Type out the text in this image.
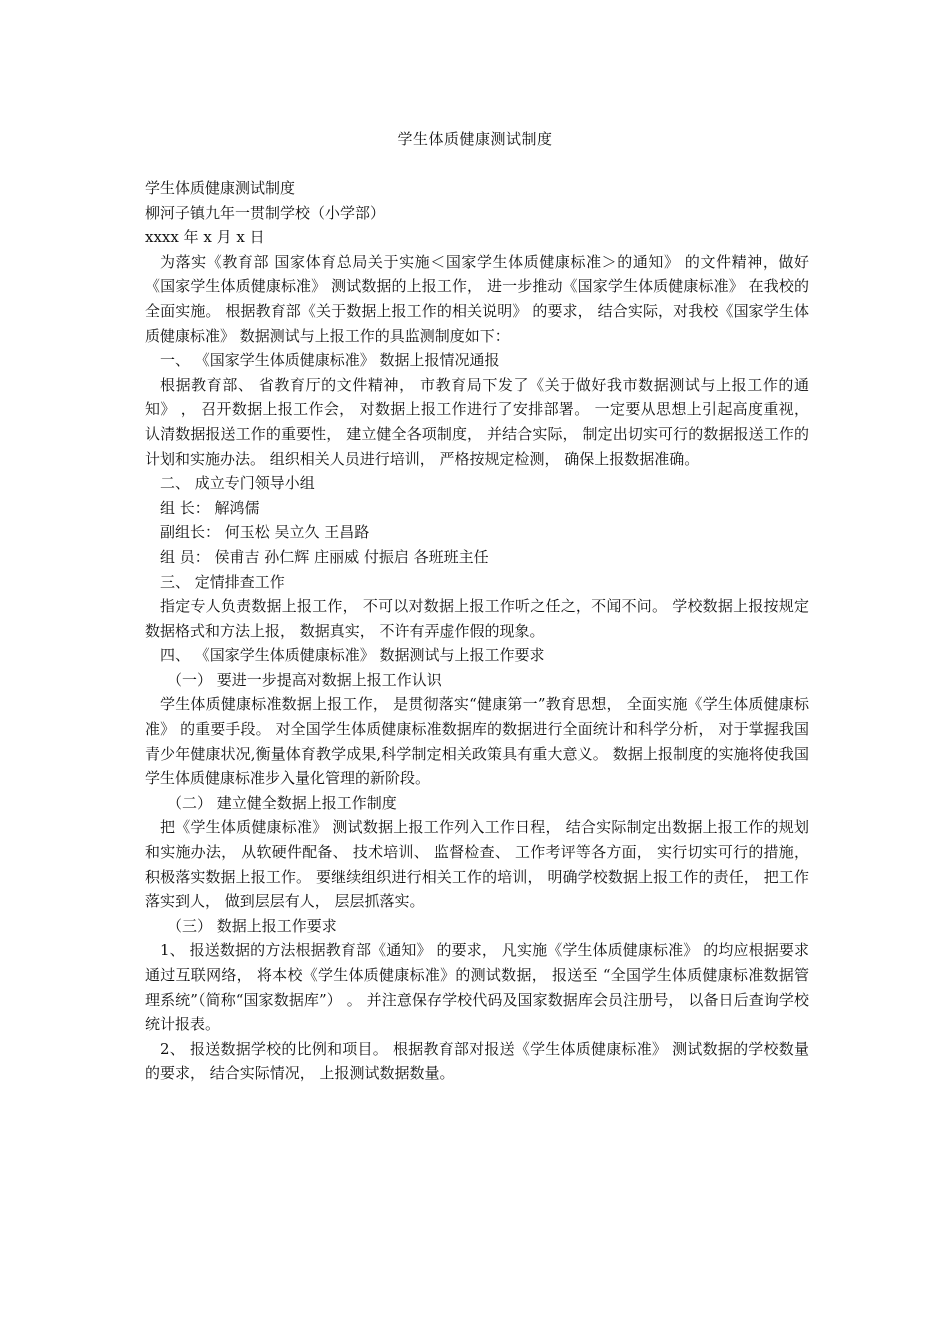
学生体质健康测试制度

学生体质健康测试制度

柳河子镇九年一贯制学校（小学部）

xxxx 年 x 月 x 日

为落实《教育部 国家体育总局关于实施＜国家学生体质健康标准＞的通知》 的文件精神，做好《国家学生体质健康标准》 测试数据的上报工作， 进一步推动《国家学生体质健康标准》 在我校的全面实施。 根据教育部《关于数据上报工作的相关说明》 的要求， 结合实际，对我校《国家学生体质健康标准》 数据测试与上报工作的具监测制度如下：

一、 《国家学生体质健康标准》 数据上报情况通报

根据教育部、 省教育厅的文件精神， 市教育局下发了《关于做好我市数据测试与上报工作的通知》 ， 召开数据上报工作会， 对数据上报工作进行了安排部署。 一定要从思想上引起高度重视， 认清数据报送工作的重要性， 建立健全各项制度， 并结合实际， 制定出切实可行的数据报送工作的计划和实施办法。 组织相关人员进行培训， 严格按规定检测， 确保上报数据准确。

二、 成立专门领导小组

组 长： 解鸿儒

副组长： 何玉松 吴立久 王昌路

组 员： 侯甫吉 孙仁辉 庄丽威 付振启 各班班主任

三、 定情排查工作

指定专人负责数据上报工作， 不可以对数据上报工作听之任之，不闻不问。 学校数据上报按规定数据格式和方法上报， 数据真实， 不许有弄虚作假的现象。

四、 《国家学生体质健康标准》 数据测试与上报工作要求

（一） 要进一步提高对数据上报工作认识

学生体质健康标准数据上报工作， 是贯彻落实“健康第一”教育思想， 全面实施《学生体质健康标准》 的重要手段。 对全国学生体质健康标准数据库的数据进行全面统计和科学分析， 对于掌握我国青少年健康状况,衡量体育教学成果,科学制定相关政策具有重大意义。 数据上报制度的实施将使我国学生体质健康标准步入量化管理的新阶段。

（二） 建立健全数据上报工作制度

把《学生体质健康标准》 测试数据上报工作列入工作日程， 结合实际制定出数据上报工作的规划和实施办法， 从软硬件配备、 技术培训、 监督检查、 工作考评等各方面， 实行切实可行的措施， 积极落实数据上报工作。 要继续组织进行相关工作的培训， 明确学校数据上报工作的责任， 把工作落实到人， 做到层层有人， 层层抓落实。

（三） 数据上报工作要求

1、 报送数据的方法根据教育部《通知》 的要求， 凡实施《学生体质健康标准》 的均应根据要求通过互联网络， 将本校《学生体质健康标准》的测试数据， 报送至 “全国学生体质健康标准数据管理系统”（简称“国家数据库”） 。 并注意保存学校代码及国家数据库会员注册号， 以备日后查询学校统计报表。

2、 报送数据学校的比例和项目。 根据教育部对报送《学生体质健康标准》 测试数据的学校数量的要求， 结合实际情况， 上报测试数据数量。
